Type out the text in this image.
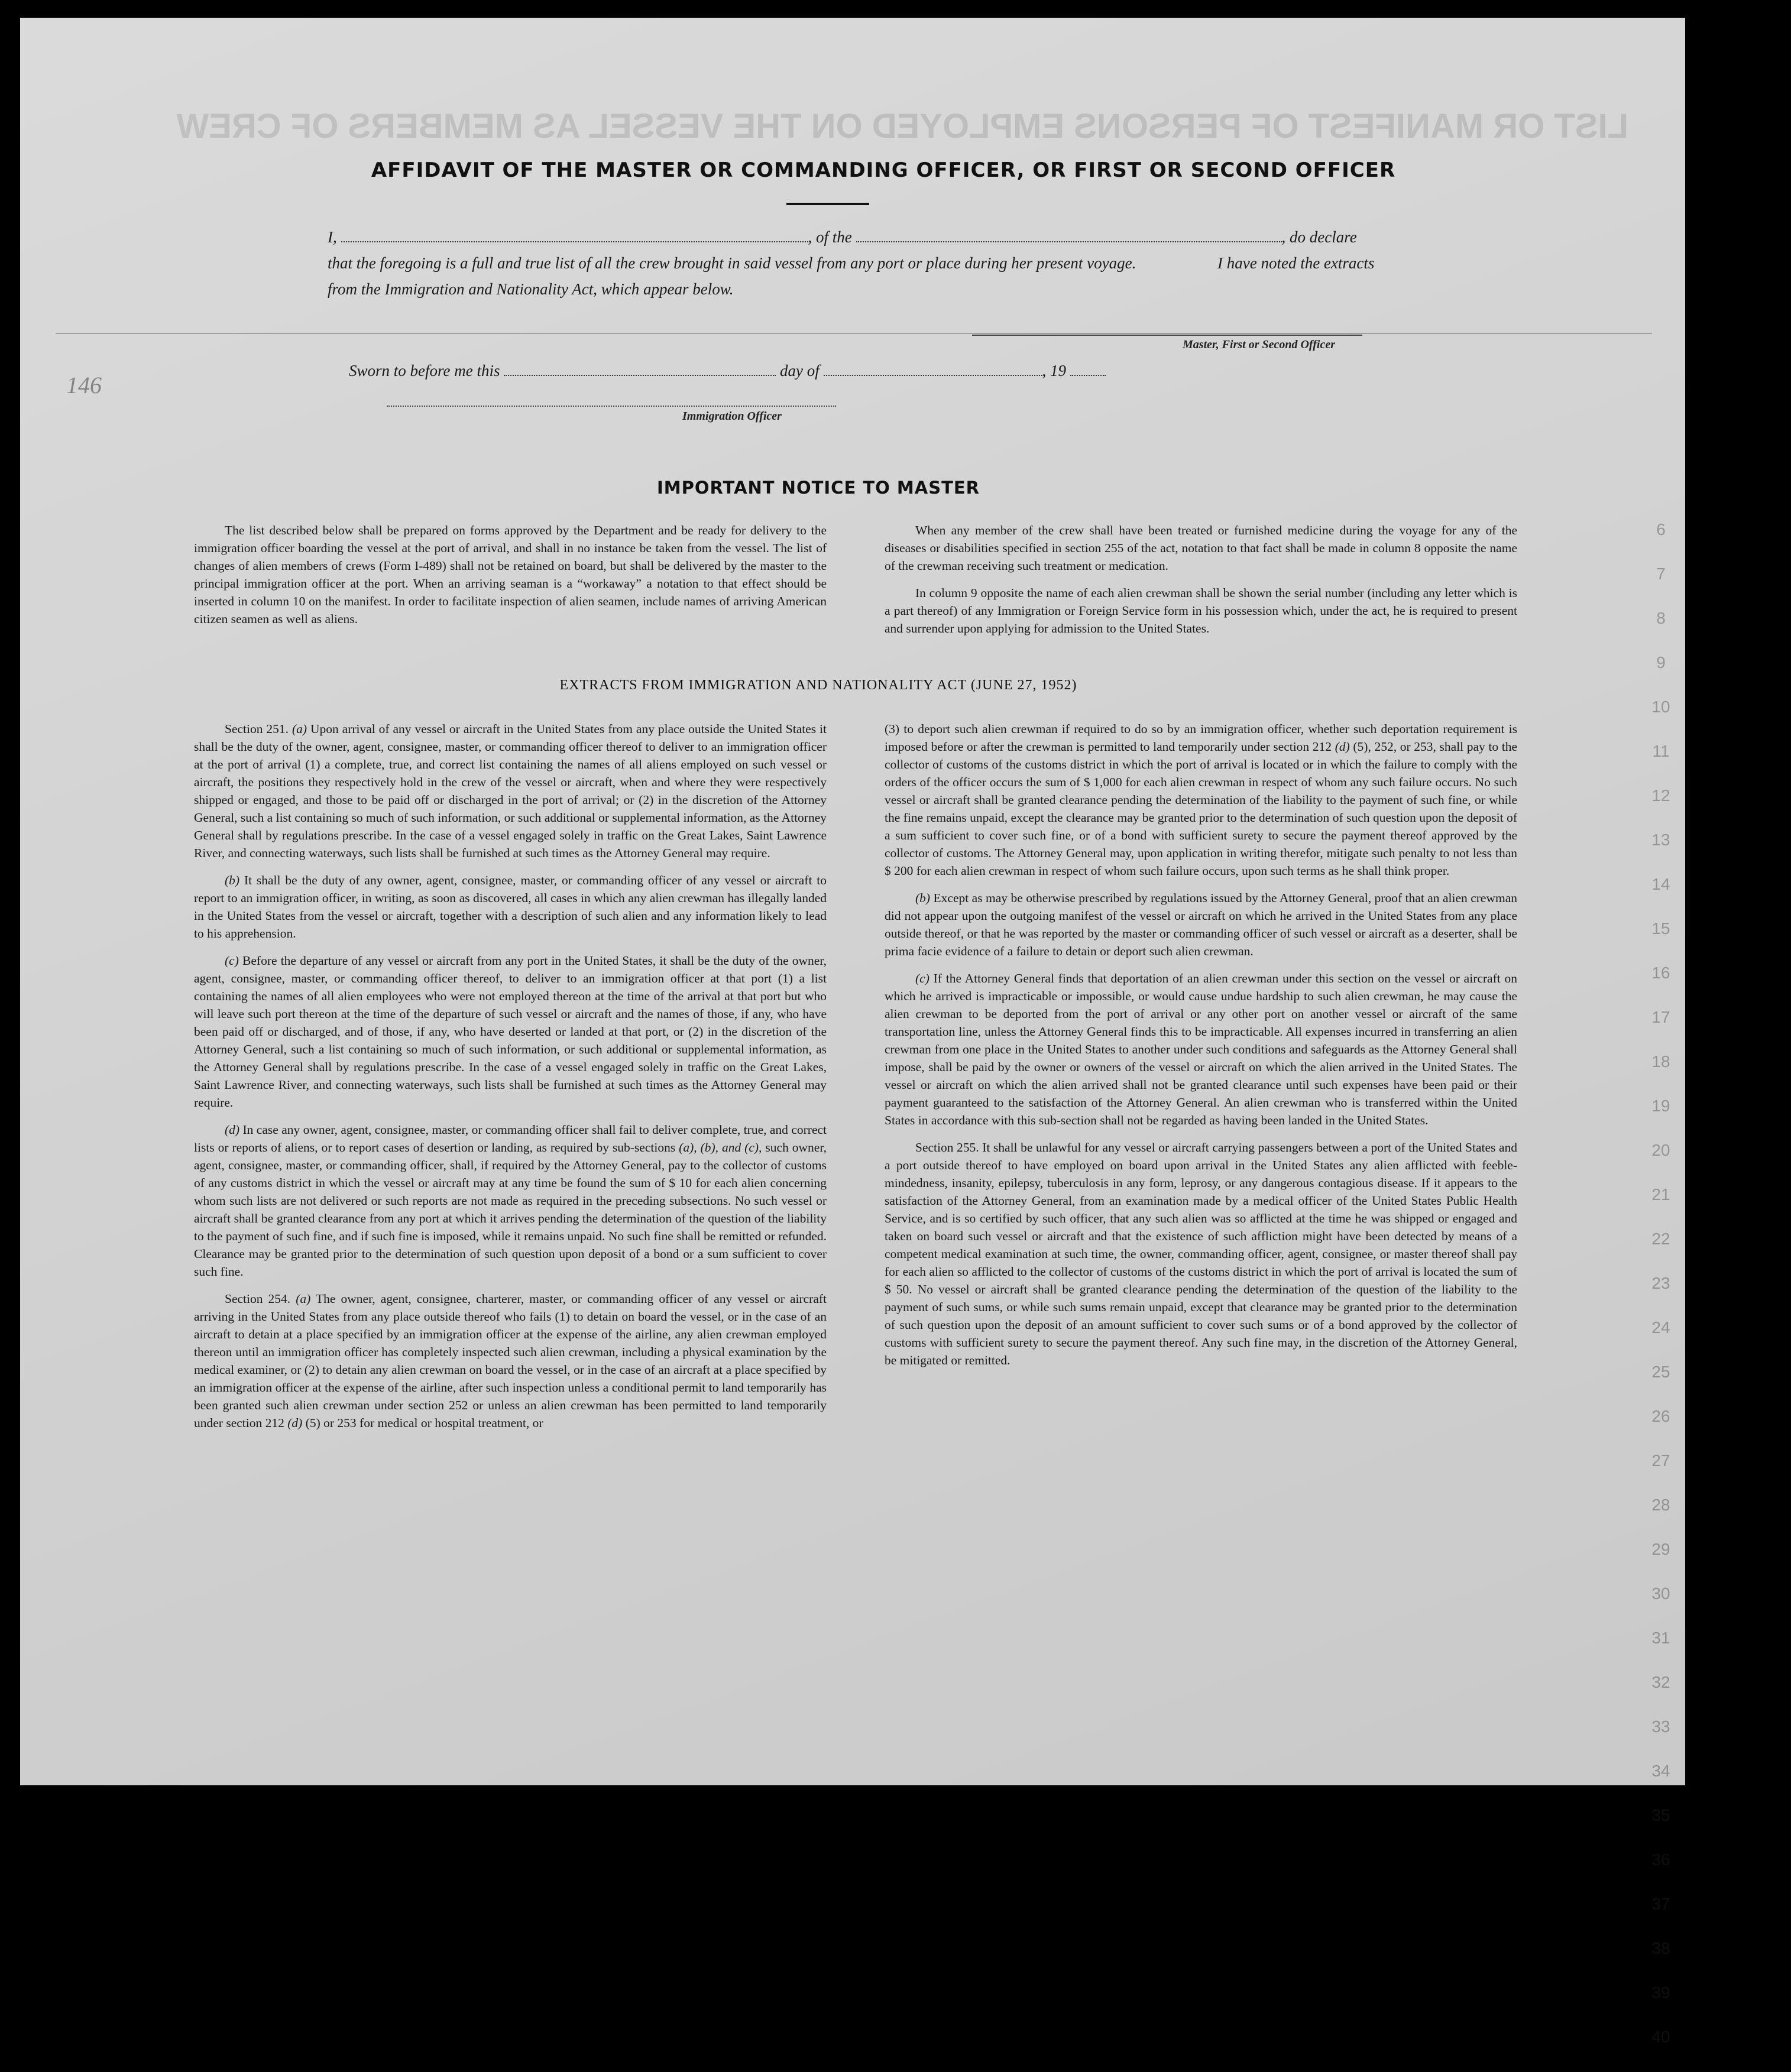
LIST OR MANIFEST OF PERSONS EMPLOYED ON THE VESSEL AS MEMBERS OF CREW
146
6
7
8
9
10
11
12
13
14
15
16
17
18
19
20
21
22
23
24
25
26
27
28
29
30
31
32
33
34
35
36
37
38
39
40
AFFIDAVIT OF THE MASTER OR COMMANDING OFFICER, OR FIRST OR SECOND OFFICER
I,	, of the	, do declare
that the foregoing is a full and true list of all the crew brought in said vessel from any port or place during her present voyage.	I have noted the extracts
from the Immigration and Nationality Act, which appear below.
Master, First or Second Officer
Sworn to before me this	day of	, 19
Immigration Officer
IMPORTANT NOTICE TO MASTER

The list described below shall be prepared on forms approved by the Department and be ready for delivery to the immigration officer boarding the vessel at the port of arrival, and shall in no instance be taken from the vessel. The list of changes of alien members of crews (Form I-489) shall not be retained on board, but shall be delivered by the master to the principal immigration officer at the port. When an arriving seaman is a “workaway” a notation to that effect should be inserted in column 10 on the manifest. In order to facilitate inspection of alien seamen, include names of arriving American citizen seamen as well as aliens.

When any member of the crew shall have been treated or furnished medicine during the voyage for any of the diseases or disabilities specified in section 255 of the act, notation to that fact shall be made in column 8 opposite the name of the crewman receiving such treatment or medication.

In column 9 opposite the name of each alien crewman shall be shown the serial number (including any letter which is a part thereof) of any Immigration or Foreign Service form in his possession which, under the act, he is required to present and surrender upon applying for admission to the United States.

EXTRACTS FROM IMMIGRATION AND NATIONALITY ACT (JUNE 27, 1952)

Section 251. (a) Upon arrival of any vessel or aircraft in the United States from any place outside the United States it shall be the duty of the owner, agent, consignee, master, or commanding officer thereof to deliver to an immigration officer at the port of arrival (1) a complete, true, and correct list containing the names of all aliens employed on such vessel or aircraft, the positions they respectively hold in the crew of the vessel or aircraft, when and where they were respectively shipped or engaged, and those to be paid off or discharged in the port of arrival; or (2) in the discretion of the Attorney General, such a list containing so much of such information, or such additional or supplemental information, as the Attorney General shall by regulations prescribe. In the case of a vessel engaged solely in traffic on the Great Lakes, Saint Lawrence River, and connecting waterways, such lists shall be furnished at such times as the Attorney General may require.

(b) It shall be the duty of any owner, agent, consignee, master, or commanding officer of any vessel or aircraft to report to an immigration officer, in writing, as soon as discovered, all cases in which any alien crewman has illegally landed in the United States from the vessel or aircraft, together with a description of such alien and any information likely to lead to his apprehension.

(c) Before the departure of any vessel or aircraft from any port in the United States, it shall be the duty of the owner, agent, consignee, master, or commanding officer thereof, to deliver to an immigration officer at that port (1) a list containing the names of all alien employees who were not employed thereon at the time of the arrival at that port but who will leave such port thereon at the time of the departure of such vessel or aircraft and the names of those, if any, who have been paid off or discharged, and of those, if any, who have deserted or landed at that port, or (2) in the discretion of the Attorney General, such a list containing so much of such information, or such additional or supplemental information, as the Attorney General shall by regulations prescribe. In the case of a vessel engaged solely in traffic on the Great Lakes, Saint Lawrence River, and connecting waterways, such lists shall be furnished at such times as the Attorney General may require.

(d) In case any owner, agent, consignee, master, or commanding officer shall fail to deliver complete, true, and correct lists or reports of aliens, or to report cases of desertion or landing, as required by sub-sections (a), (b), and (c), such owner, agent, consignee, master, or commanding officer, shall, if required by the Attorney General, pay to the collector of customs of any customs district in which the vessel or aircraft may at any time be found the sum of $ 10 for each alien concerning whom such lists are not delivered or such reports are not made as required in the preceding subsections. No such vessel or aircraft shall be granted clearance from any port at which it arrives pending the determination of the question of the liability to the payment of such fine, and if such fine is imposed, while it remains unpaid. No such fine shall be remitted or refunded. Clearance may be granted prior to the determination of such question upon deposit of a bond or a sum sufficient to cover such fine.

Section 254. (a) The owner, agent, consignee, charterer, master, or commanding officer of any vessel or aircraft arriving in the United States from any place outside thereof who fails (1) to detain on board the vessel, or in the case of an aircraft to detain at a place specified by an immigration officer at the expense of the airline, any alien crewman employed thereon until an immigration officer has completely inspected such alien crewman, including a physical examination by the medical examiner, or (2) to detain any alien crewman on board the vessel, or in the case of an aircraft at a place specified by an immigration officer at the expense of the airline, after such inspection unless a conditional permit to land temporarily has been granted such alien crewman under section 252 or unless an alien crewman has been permitted to land temporarily under section 212 (d) (5) or 253 for medical or hospital treatment, or

(3) to deport such alien crewman if required to do so by an immigration officer, whether such deportation requirement is imposed before or after the crewman is permitted to land temporarily under section 212 (d) (5), 252, or 253, shall pay to the collector of customs of the customs district in which the port of arrival is located or in which the failure to comply with the orders of the officer occurs the sum of $ 1,000 for each alien crewman in respect of whom any such failure occurs. No such vessel or aircraft shall be granted clearance pending the determination of the liability to the payment of such fine, or while the fine remains unpaid, except the clearance may be granted prior to the determination of such question upon the deposit of a sum sufficient to cover such fine, or of a bond with sufficient surety to secure the payment thereof approved by the collector of customs. The Attorney General may, upon application in writing therefor, mitigate such penalty to not less than $ 200 for each alien crewman in respect of whom such failure occurs, upon such terms as he shall think proper.

(b) Except as may be otherwise prescribed by regulations issued by the Attorney General, proof that an alien crewman did not appear upon the outgoing manifest of the vessel or aircraft on which he arrived in the United States from any place outside thereof, or that he was reported by the master or commanding officer of such vessel or aircraft as a deserter, shall be prima facie evidence of a failure to detain or deport such alien crewman.

(c) If the Attorney General finds that deportation of an alien crewman under this section on the vessel or aircraft on which he arrived is impracticable or impossible, or would cause undue hardship to such alien crewman, he may cause the alien crewman to be deported from the port of arrival or any other port on another vessel or aircraft of the same transportation line, unless the Attorney General finds this to be impracticable. All expenses incurred in transferring an alien crewman from one place in the United States to another under such conditions and safeguards as the Attorney General shall impose, shall be paid by the owner or owners of the vessel or aircraft on which the alien arrived in the United States. The vessel or aircraft on which the alien arrived shall not be granted clearance until such expenses have been paid or their payment guaranteed to the satisfaction of the Attorney General. An alien crewman who is transferred within the United States in accordance with this sub-section shall not be regarded as having been landed in the United States.

Section 255. It shall be unlawful for any vessel or aircraft carrying passengers between a port of the United States and a port outside thereof to have employed on board upon arrival in the United States any alien afflicted with feeble-mindedness, insanity, epilepsy, tuberculosis in any form, leprosy, or any dangerous contagious disease. If it appears to the satisfaction of the Attorney General, from an examination made by a medical officer of the United States Public Health Service, and is so certified by such officer, that any such alien was so afflicted at the time he was shipped or engaged and taken on board such vessel or aircraft and that the existence of such affliction might have been detected by means of a competent medical examination at such time, the owner, commanding officer, agent, consignee, or master thereof shall pay for each alien so afflicted to the collector of customs of the customs district in which the port of arrival is located the sum of $ 50. No vessel or aircraft shall be granted clearance pending the determination of the question of the liability to the payment of such sums, or while such sums remain unpaid, except that clearance may be granted prior to the determination of such question upon the deposit of an amount sufficient to cover such sums or of a bond approved by the collector of customs with sufficient surety to secure the payment thereof. Any such fine may, in the discretion of the Attorney General, be mitigated or remitted.
